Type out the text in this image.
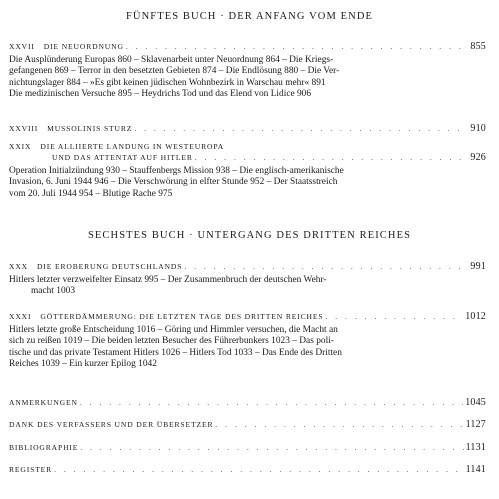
FÜNFTES BUCH · DER ANFANG VOM ENDE
XXVII DIE NEUORDNUNG . . .	855
Die Ausplünderung Europas 860 – Sklavenarbeit unter Neuordnung 864 – Die Kriegs-
gefangenen 869 – Terror in den besetzten Gebieten 874 – Die Endlösung 880 – Die Ver-
nichtungslager 884 – »Es gibt keinen jüdischen Wohnbezirk in Warschau mehr« 891
Die medizinischen Versuche 895 – Heydrichs Tod und das Elend von Lidice 906
XXVIII MUSSOLINIS STURZ . . .	910
XXIX DIE ALLIIERTE LANDUNG IN WESTEUROPA
UND DAS ATTENTAT AUF HITLER . . .	926
Operation Initialzündung 930 – Stauffenbergs Mission 938 – Die englisch-amerikanische
Invasion, 6. Juni 1944 946 – Die Verschwörung in elfter Stunde 952 – Der Staatsstreich
vom 20. Juli 1944 954 – Blutige Rache 975
SECHSTES BUCH · UNTERGANG DES DRITTEN REICHES
XXX DIE EROBERUNG DEUTSCHLANDS . . .	991
Hitlers letzter verzweifelter Einsatz 995 – Der Zusammenbruch der deutschen Wehr-
macht 1003
XXXI GÖTTERDÄMMERUNG: DIE LETZTEN TAGE DES DRITTEN REICHES . . .	1012
Hitlers letzte große Entscheidung 1016 – Göring und Himmler versuchen, die Macht an
sich zu reißen 1019 – Die beiden letzten Besucher des Führerbunkers 1023 – Das poli-
tische und das private Testament Hitlers 1026 – Hitlers Tod 1033 – Das Ende des Dritten
Reiches 1039 – Ein kurzer Epilog 1042
ANMERKUNGEN . . .	1045
DANK DES VERFASSERS UND DER ÜBERSETZER . . .	1127
BIBLIOGRAPHIE . . .	1131
REGISTER . . .	1141
